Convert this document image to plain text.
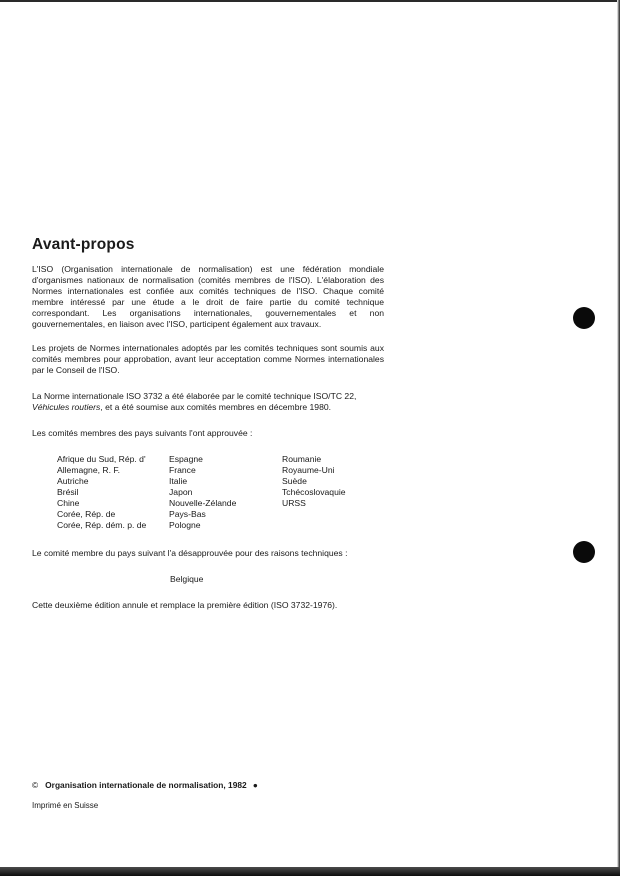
Avant-propos

L'ISO (Organisation internationale de normalisation) est une fédération mondiale d'organismes nationaux de normalisation (comités membres de l'ISO). L'élaboration des Normes internationales est confiée aux comités techniques de l'ISO. Chaque comité membre intéressé par une étude a le droit de faire partie du comité technique correspondant. Les organisations internationales, gouvernementales et non gouvernementales, en liaison avec l'ISO, participent également aux travaux.

Les projets de Normes internationales adoptés par les comités techniques sont soumis aux comités membres pour approbation, avant leur acceptation comme Normes internationales par le Conseil de l'ISO.

La Norme internationale ISO 3732 a été élaborée par le comité technique ISO/TC 22,
Véhicules routiers, et a été soumise aux comités membres en décembre 1980.

Les comités membres des pays suivants l'ont approuvée :

Afrique du Sud, Rép. d'
Allemagne, R. F.
Autriche
Brésil
Chine
Corée, Rép. de
Corée, Rép. dém. p. de
Espagne
France
Italie
Japon
Nouvelle-Zélande
Pays-Bas
Pologne
Roumanie
Royaume-Uni
Suède
Tchécoslovaquie
URSS

Le comité membre du pays suivant l'a désapprouvée pour des raisons techniques :

Belgique

Cette deuxième édition annule et remplace la première édition (ISO 3732-1976).

© Organisation internationale de normalisation, 1982 ●
Imprimé en Suisse
